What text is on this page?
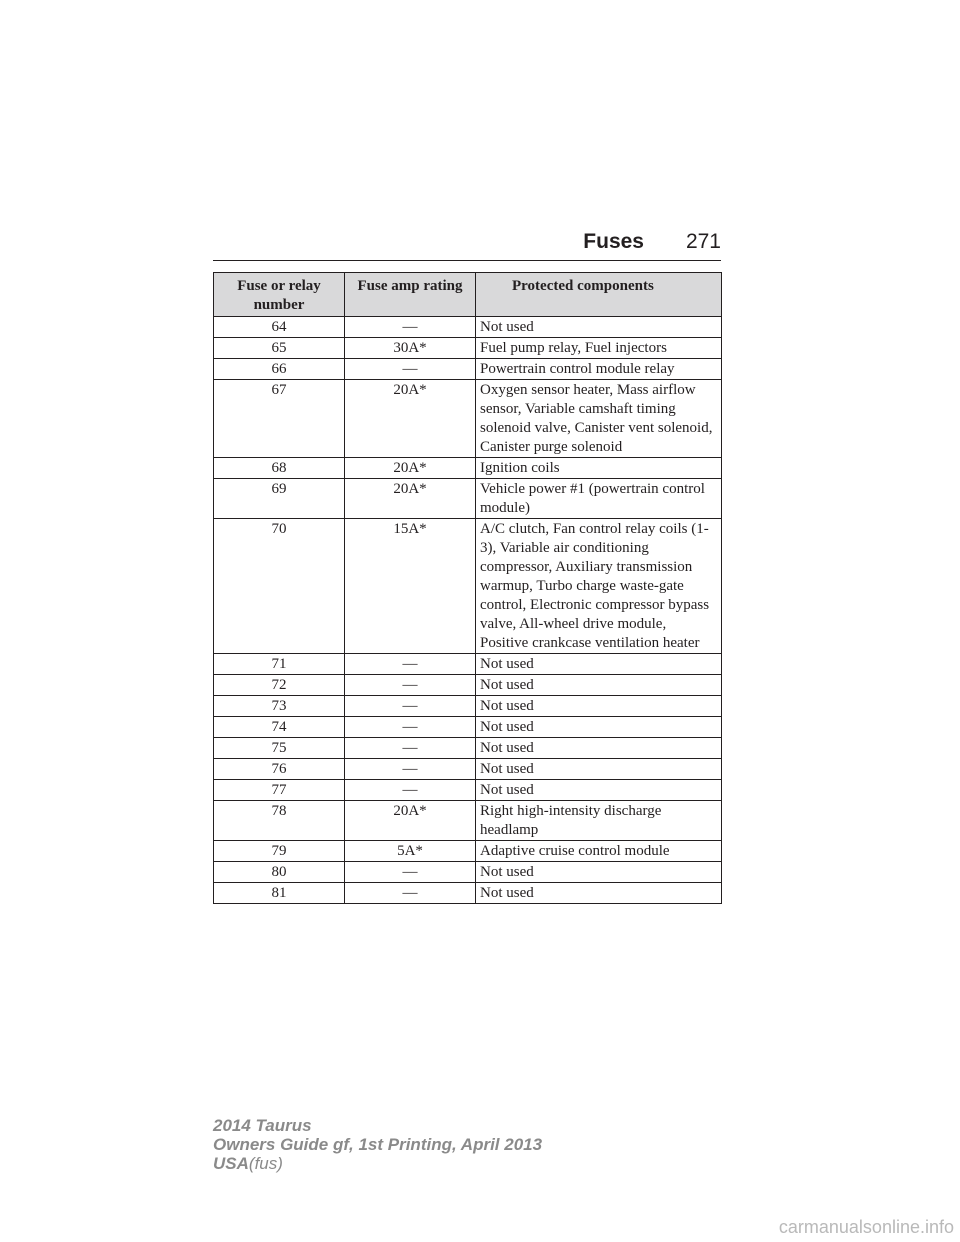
Fuses 271
Fuse or relay number	Fuse amp rating	Protected components
64	—	Not used
65	30A*	Fuel pump relay, Fuel injectors
66	—	Powertrain control module relay
67	20A*	Oxygen sensor heater, Mass airflow sensor, Variable camshaft timing solenoid valve, Canister vent solenoid, Canister purge solenoid
68	20A*	Ignition coils
69	20A*	Vehicle power #1 (powertrain control module)
70	15A*	A/C clutch, Fan control relay coils (1-3), Variable air conditioning compressor, Auxiliary transmission warmup, Turbo charge waste-gate control, Electronic compressor bypass valve, All-wheel drive module, Positive crankcase ventilation heater
71	—	Not used
72	—	Not used
73	—	Not used
74	—	Not used
75	—	Not used
76	—	Not used
77	—	Not used
78	20A*	Right high-intensity discharge headlamp
79	5A*	Adaptive cruise control module
80	—	Not used
81	—	Not used
2014 Taurus
Owners Guide gf, 1st Printing, April 2013
USA(fus)
carmanualsonline.info
